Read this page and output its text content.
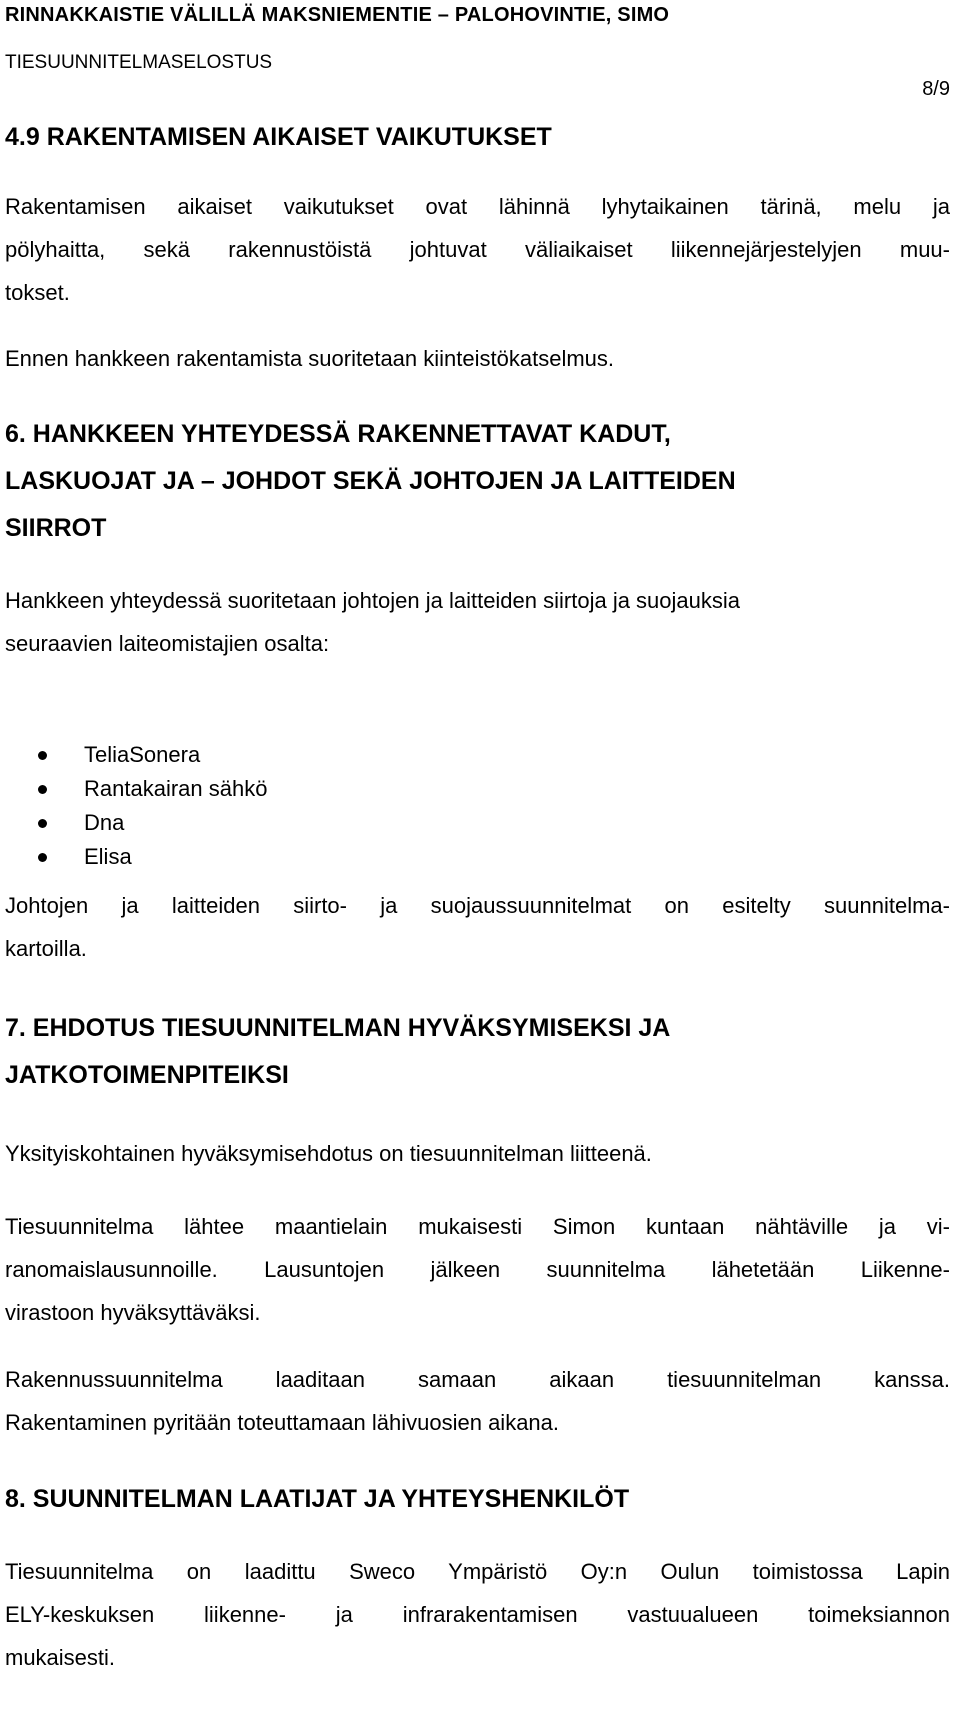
RINNAKKAISTIE VÄLILLÄ MAKSNIEMENTIE – PALOHOVINTIE, SIMO
TIESUUNNITELMASELOSTUS
8/9
4.9 RAKENTAMISEN AIKAISET VAIKUTUKSET
Rakentamisen aikaiset vaikutukset ovat lähinnä lyhytaikainen tärinä, melu ja
pölyhaitta, sekä rakennustöistä johtuvat väliaikaiset liikennejärjestelyjen muu-
tokset.
Ennen hankkeen rakentamista suoritetaan kiinteistökatselmus.
6. HANKKEEN YHTEYDESSÄ RAKENNETTAVAT KADUT,
LASKUOJAT JA – JOHDOT SEKÄ JOHTOJEN JA LAITTEIDEN
SIIRROT
Hankkeen yhteydessä suoritetaan johtojen ja laitteiden siirtoja ja suojauksia
seuraavien laiteomistajien osalta:
TeliaSonera
Rantakairan sähkö
Dna
Elisa
Johtojen ja laitteiden siirto- ja suojaussuunnitelmat on esitelty suunnitelma-
kartoilla.
7. EHDOTUS TIESUUNNITELMAN HYVÄKSYMISEKSI JA
JATKOTOIMENPITEIKSI
Yksityiskohtainen hyväksymisehdotus on tiesuunnitelman liitteenä.
Tiesuunnitelma lähtee maantielain mukaisesti Simon kuntaan nähtäville ja vi-
ranomaislausunnoille. Lausuntojen jälkeen suunnitelma lähetetään Liikenne-
virastoon hyväksyttäväksi.
Rakennussuunnitelma laaditaan samaan aikaan tiesuunnitelman kanssa.
Rakentaminen pyritään toteuttamaan lähivuosien aikana.
8. SUUNNITELMAN LAATIJAT JA YHTEYSHENKILÖT
Tiesuunnitelma on laadittu Sweco Ympäristö Oy:n Oulun toimistossa Lapin
ELY-keskuksen liikenne- ja infrarakentamisen vastuualueen toimeksiannon
mukaisesti.
